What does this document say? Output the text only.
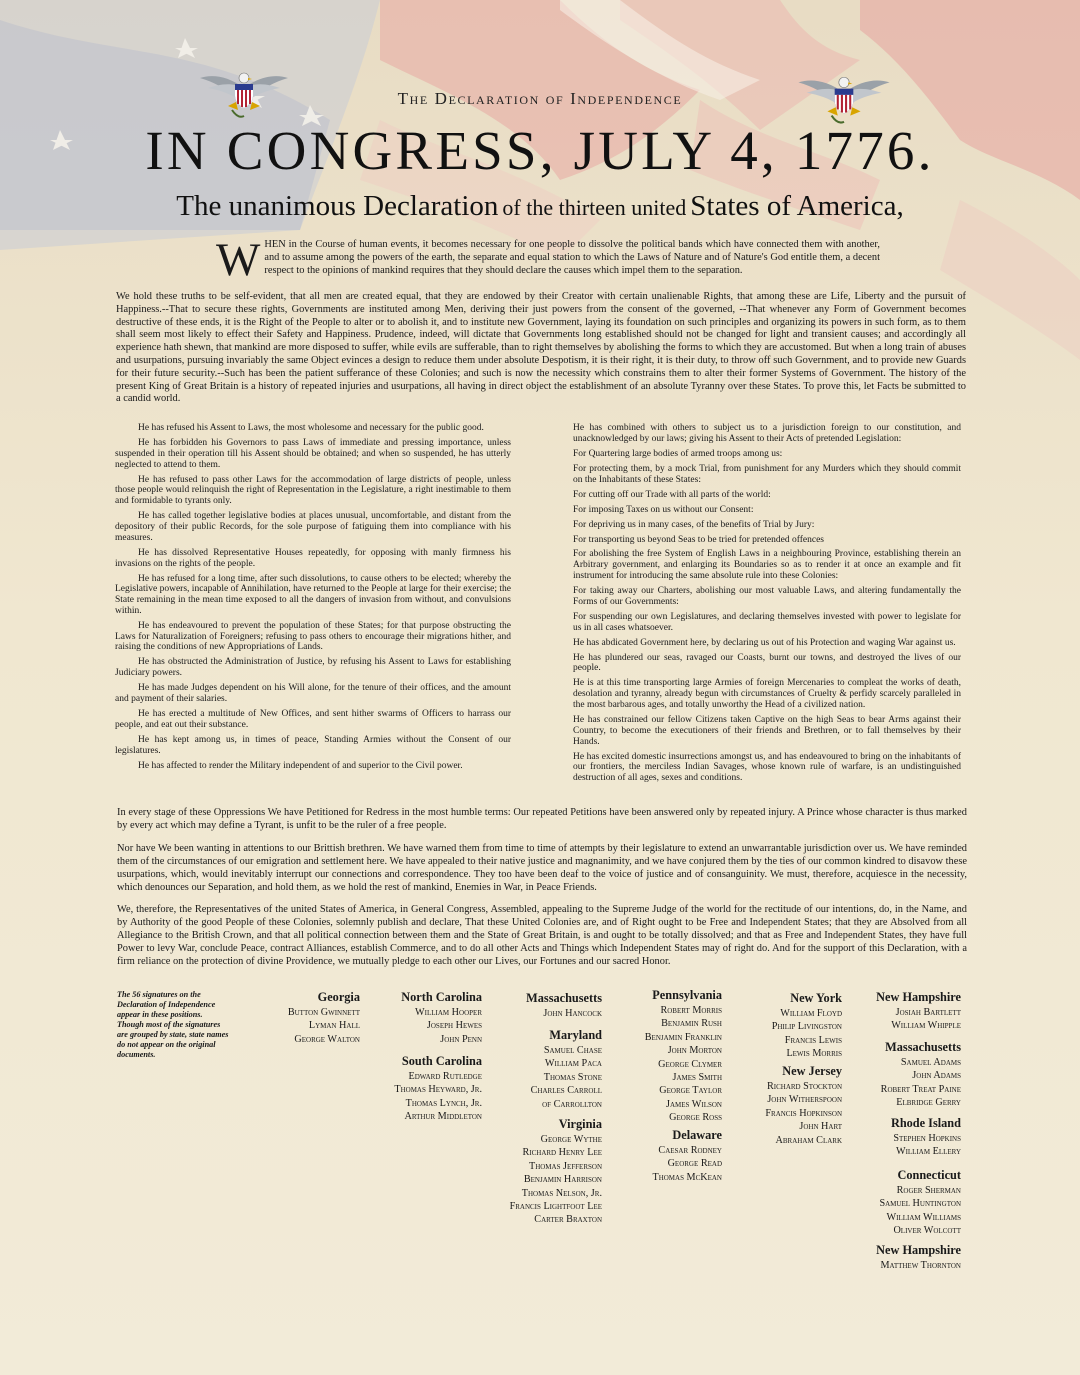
The Declaration of Independence
IN CONGRESS, JULY 4, 1776.
The unanimous Declaration of the thirteen united States of America,
W HEN in the Course of human events, it becomes necessary for one people to dissolve the political bands which have connected them with another, and to assume among the powers of the earth, the separate and equal station to which the Laws of Nature and of Nature's God entitle them, a decent respect to the opinions of mankind requires that they should declare the causes which impel them to the separation.
We hold these truths to be self-evident, that all men are created equal, that they are endowed by their Creator with certain unalienable Rights, that among these are Life, Liberty and the pursuit of Happiness.--That to secure these rights, Governments are instituted among Men, deriving their just powers from the consent of the governed, --That whenever any Form of Government becomes destructive of these ends, it is the Right of the People to alter or to abolish it, and to institute new Government, laying its foundation on such principles and organizing its powers in such form, as to them shall seem most likely to effect their Safety and Happiness. Prudence, indeed, will dictate that Governments long established should not be changed for light and transient causes; and accordingly all experience hath shewn, that mankind are more disposed to suffer, while evils are sufferable, than to right themselves by abolishing the forms to which they are accustomed. But when a long train of abuses and usurpations, pursuing invariably the same Object evinces a design to reduce them under absolute Despotism, it is their right, it is their duty, to throw off such Government, and to provide new Guards for their future security.--Such has been the patient sufferance of these Colonies; and such is now the necessity which constrains them to alter their former Systems of Government. The history of the present King of Great Britain is a history of repeated injuries and usurpations, all having in direct object the establishment of an absolute Tyranny over these States. To prove this, let Facts be submitted to a candid world.

He has refused his Assent to Laws, the most wholesome and necessary for the public good.

He has forbidden his Governors to pass Laws of immediate and pressing importance, unless suspended in their operation till his Assent should be obtained; and when so suspended, he has utterly neglected to attend to them.

He has refused to pass other Laws for the accommodation of large districts of people, unless those people would relinquish the right of Representation in the Legislature, a right inestimable to them and formidable to tyrants only.

He has called together legislative bodies at places unusual, uncomfortable, and distant from the depository of their public Records, for the sole purpose of fatiguing them into compliance with his measures.

He has dissolved Representative Houses repeatedly, for opposing with manly firmness his invasions on the rights of the people.

He has refused for a long time, after such dissolutions, to cause others to be elected; whereby the Legislative powers, incapable of Annihilation, have returned to the People at large for their exercise; the State remaining in the mean time exposed to all the dangers of invasion from without, and convulsions within.

He has endeavoured to prevent the population of these States; for that purpose obstructing the Laws for Naturalization of Foreigners; refusing to pass others to encourage their migrations hither, and raising the conditions of new Appropriations of Lands.

He has obstructed the Administration of Justice, by refusing his Assent to Laws for establishing Judiciary powers.

He has made Judges dependent on his Will alone, for the tenure of their offices, and the amount and payment of their salaries.

He has erected a multitude of New Offices, and sent hither swarms of Officers to harrass our people, and eat out their substance.

He has kept among us, in times of peace, Standing Armies without the Consent of our legislatures.

He has affected to render the Military independent of and superior to the Civil power.

He has combined with others to subject us to a jurisdiction foreign to our constitution, and unacknowledged by our laws; giving his Assent to their Acts of pretended Legislation:

For Quartering large bodies of armed troops among us:

For protecting them, by a mock Trial, from punishment for any Murders which they should commit on the Inhabitants of these States:

For cutting off our Trade with all parts of the world:

For imposing Taxes on us without our Consent:

For depriving us in many cases, of the benefits of Trial by Jury:

For transporting us beyond Seas to be tried for pretended offences

For abolishing the free System of English Laws in a neighbouring Province, establishing therein an Arbitrary government, and enlarging its Boundaries so as to render it at once an example and fit instrument for introducing the same absolute rule into these Colonies:

For taking away our Charters, abolishing our most valuable Laws, and altering fundamentally the Forms of our Governments:

For suspending our own Legislatures, and declaring themselves invested with power to legislate for us in all cases whatsoever.

He has abdicated Government here, by declaring us out of his Protection and waging War against us.

He has plundered our seas, ravaged our Coasts, burnt our towns, and destroyed the lives of our people.

He is at this time transporting large Armies of foreign Mercenaries to compleat the works of death, desolation and tyranny, already begun with circumstances of Cruelty & perfidy scarcely paralleled in the most barbarous ages, and totally unworthy the Head of a civilized nation.

He has constrained our fellow Citizens taken Captive on the high Seas to bear Arms against their Country, to become the executioners of their friends and Brethren, or to fall themselves by their Hands.

He has excited domestic insurrections amongst us, and has endeavoured to bring on the inhabitants of our frontiers, the merciless Indian Savages, whose known rule of warfare, is an undistinguished destruction of all ages, sexes and conditions.

In every stage of these Oppressions We have Petitioned for Redress in the most humble terms: Our repeated Petitions have been answered only by repeated injury. A Prince whose character is thus marked by every act which may define a Tyrant, is unfit to be the ruler of a free people.

Nor have We been wanting in attentions to our Brittish brethren. We have warned them from time to time of attempts by their legislature to extend an unwarrantable jurisdiction over us. We have reminded them of the circumstances of our emigration and settlement here. We have appealed to their native justice and magnanimity, and we have conjured them by the ties of our common kindred to disavow these usurpations, which, would inevitably interrupt our connections and correspondence. They too have been deaf to the voice of justice and of consanguinity. We must, therefore, acquiesce in the necessity, which denounces our Separation, and hold them, as we hold the rest of mankind, Enemies in War, in Peace Friends.

We, therefore, the Representatives of the united States of America, in General Congress, Assembled, appealing to the Supreme Judge of the world for the rectitude of our intentions, do, in the Name, and by Authority of the good People of these Colonies, solemnly publish and declare, That these United Colonies are, and of Right ought to be Free and Independent States; that they are Absolved from all Allegiance to the British Crown, and that all political connection between them and the State of Great Britain, is and ought to be totally dissolved; and that as Free and Independent States, they have full Power to levy War, conclude Peace, contract Alliances, establish Commerce, and to do all other Acts and Things which Independent States may of right do. And for the support of this Declaration, with a firm reliance on the protection of divine Providence, we mutually pledge to each other our Lives, our Fortunes and our sacred Honor.

The 56 signatures on the Declaration of Independence appear in these positions. Though most of the signatures are grouped by state, state names do not appear on the original documents.
Georgia
Button Gwinnett
Lyman Hall
George Walton
North Carolina
William Hooper
Joseph Hewes
John Penn
South Carolina
Edward Rutledge
Thomas Heyward, Jr.
Thomas Lynch, Jr.
Arthur Middleton
Massachusetts
John Hancock
Maryland
Samuel Chase
William Paca
Thomas Stone
Charles Carroll
of Carrollton
Virginia
George Wythe
Richard Henry Lee
Thomas Jefferson
Benjamin Harrison
Thomas Nelson, Jr.
Francis Lightfoot Lee
Carter Braxton
Pennsylvania
Robert Morris
Benjamin Rush
Benjamin Franklin
John Morton
George Clymer
James Smith
George Taylor
James Wilson
George Ross
Delaware
Caesar Rodney
George Read
Thomas McKean
New York
William Floyd
Philip Livingston
Francis Lewis
Lewis Morris
New Jersey
Richard Stockton
John Witherspoon
Francis Hopkinson
John Hart
Abraham Clark
New Hampshire
Josiah Bartlett
William Whipple
Massachusetts
Samuel Adams
John Adams
Robert Treat Paine
Elbridge Gerry
Rhode Island
Stephen Hopkins
William Ellery
Connecticut
Roger Sherman
Samuel Huntington
William Williams
Oliver Wolcott
New Hampshire
Matthew Thornton
